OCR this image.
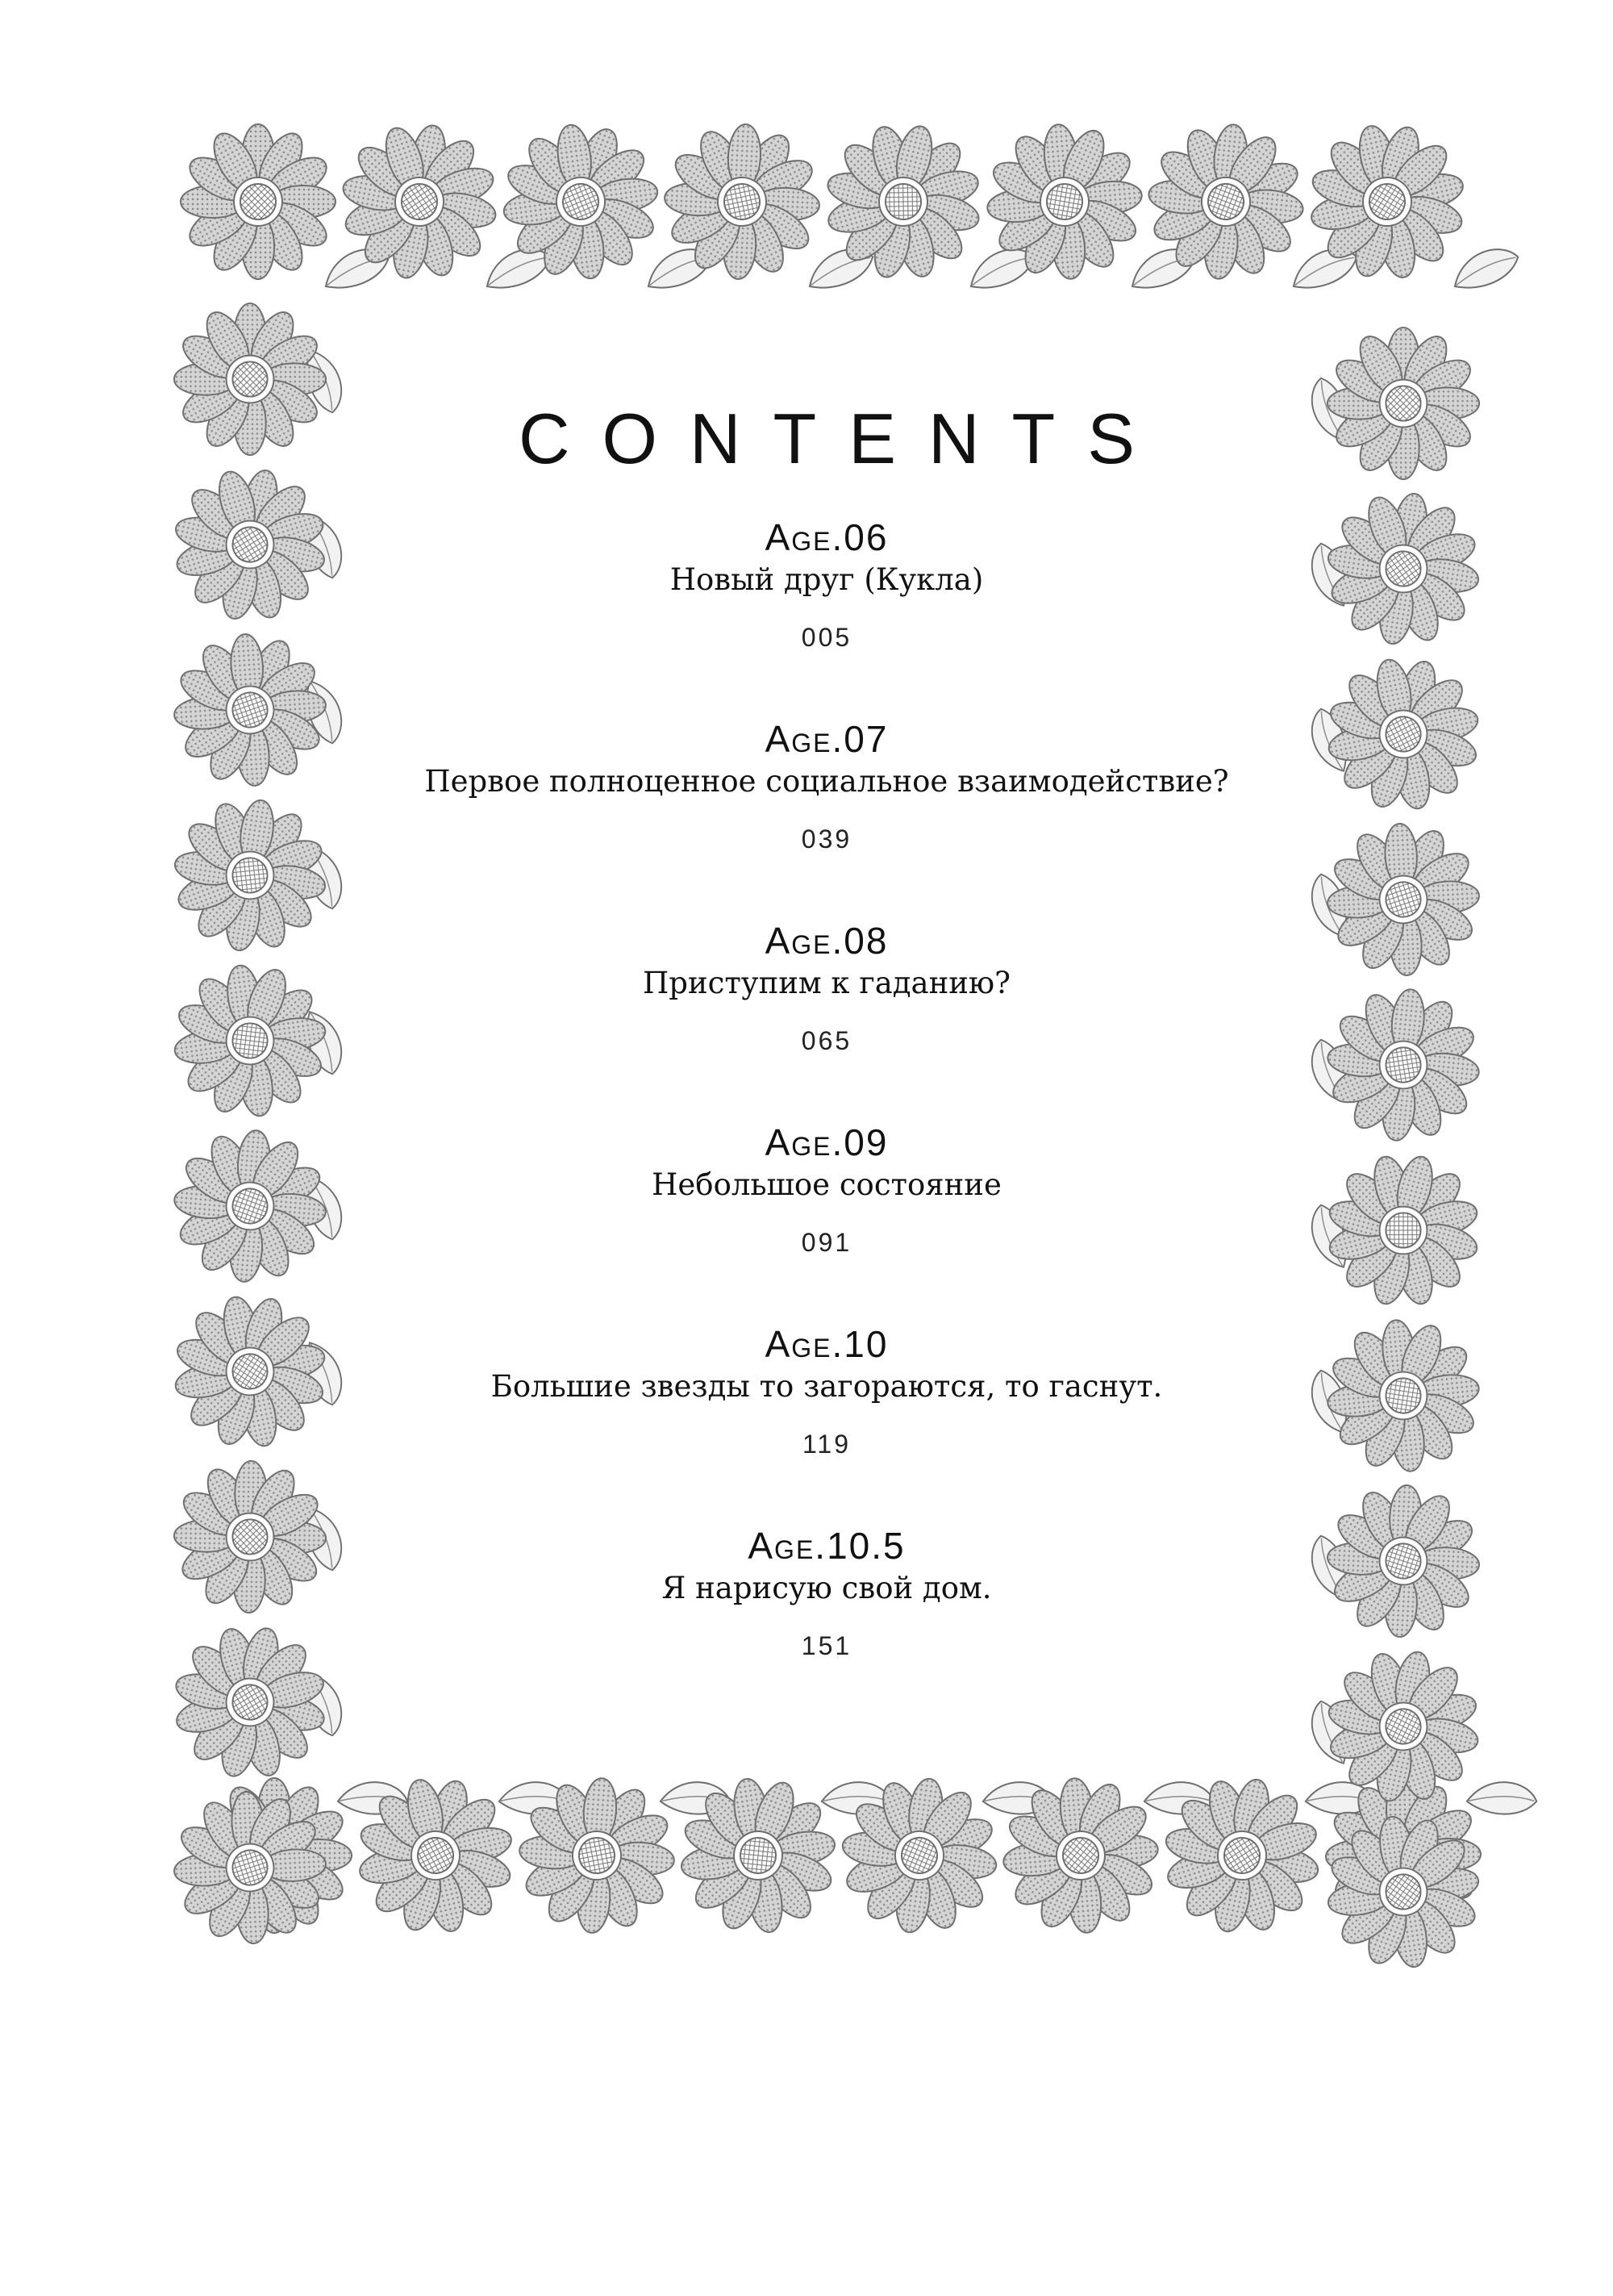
CONTENTS
Age.06
Новый друг (Кукла)
005
Age.07
Первое полноценное социальное взаимодействие?
039
Age.08
Приступим к гаданию?
065
Age.09
Небольшое состояние
091
Age.10
Большие звезды то загораются, то гаснут.
119
Age.10.5
Я нарисую свой дом.
151
